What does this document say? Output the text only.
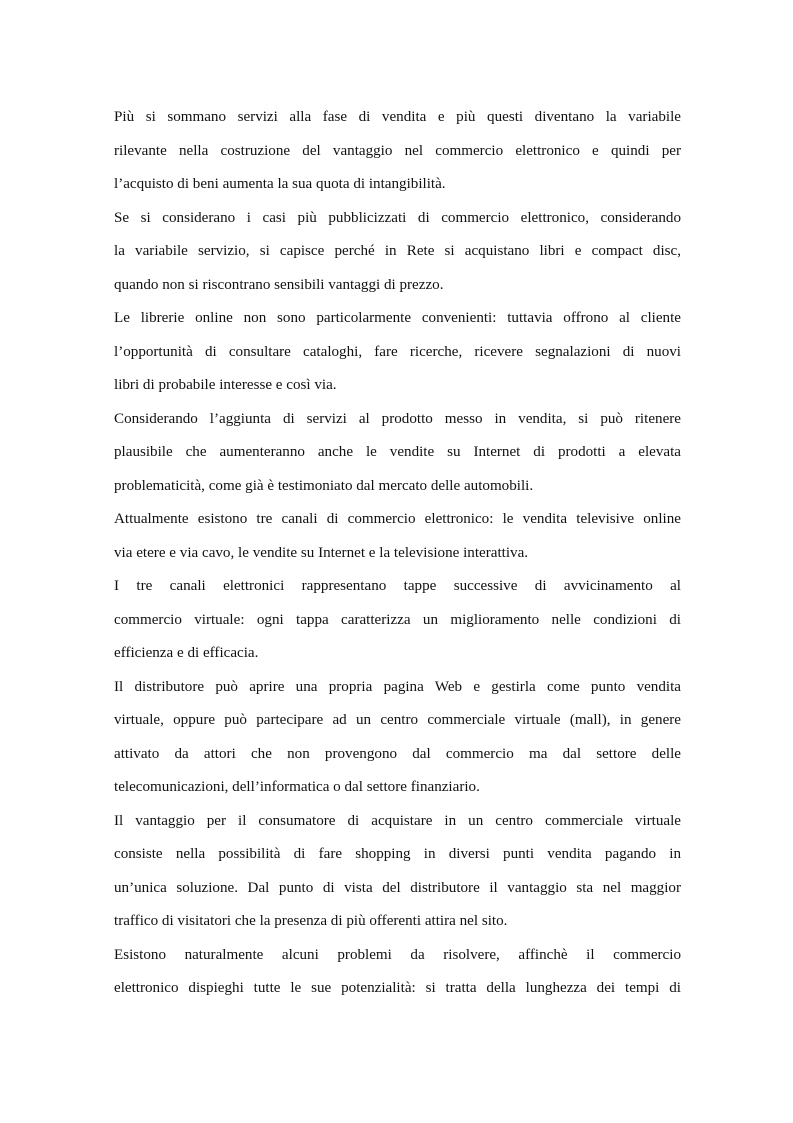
Più si sommano servizi alla fase di vendita e più questi diventano la variabile
rilevante nella costruzione del vantaggio nel commercio elettronico e quindi per
l’acquisto di beni aumenta la sua quota di intangibilità.
Se si considerano i casi più pubblicizzati di commercio elettronico, considerando
la variabile servizio, si capisce perché in Rete si acquistano libri e compact disc,
quando non si riscontrano sensibili vantaggi di prezzo.
Le librerie online non sono particolarmente convenienti: tuttavia offrono al cliente
l’opportunità di consultare cataloghi, fare ricerche, ricevere segnalazioni di nuovi
libri di probabile interesse e così via.
Considerando l’aggiunta di servizi al prodotto messo in vendita, si può ritenere
plausibile che aumenteranno anche le vendite su Internet di prodotti a elevata
problematicità, come già è testimoniato dal mercato delle automobili.
Attualmente esistono tre canali di commercio elettronico: le vendita televisive online
via etere e via cavo, le vendite su Internet e la televisione interattiva.
I tre canali elettronici rappresentano tappe successive di avvicinamento al
commercio virtuale: ogni tappa caratterizza un miglioramento nelle condizioni di
efficienza e di efficacia.
Il distributore può aprire una propria pagina Web e gestirla come punto vendita
virtuale, oppure può partecipare ad un centro commerciale virtuale (mall), in genere
attivato da attori che non provengono dal commercio ma dal settore delle
telecomunicazioni, dell’informatica o dal settore finanziario.
Il vantaggio per il consumatore di acquistare in un centro commerciale virtuale
consiste nella possibilità di fare shopping in diversi punti vendita pagando in
un’unica soluzione. Dal punto di vista del distributore il vantaggio sta nel maggior
traffico di visitatori che la presenza di più offerenti attira nel sito.
Esistono naturalmente alcuni problemi da risolvere, affinchè il commercio
elettronico dispieghi tutte le sue potenzialità: si tratta della lunghezza dei tempi di
